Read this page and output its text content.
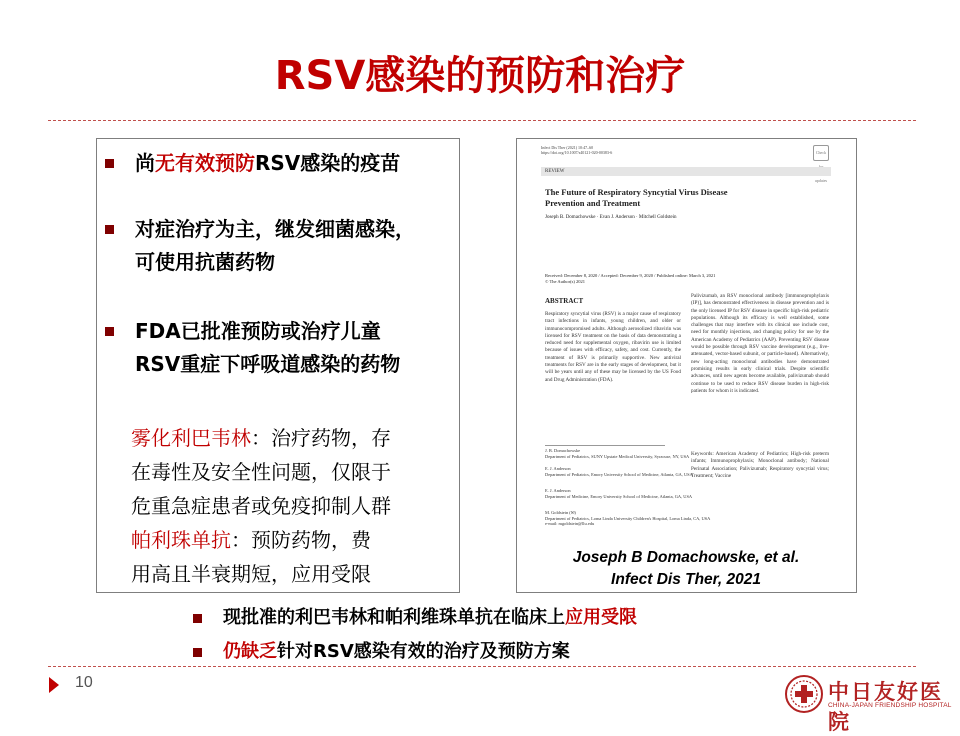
RSV感染的预防和治疗
尚无有效预防RSV感染的疫苗
对症治疗为主，继发细菌感染，
可使用抗菌药物
FDA已批准预防或治疗儿童
RSV重症下呼吸道感染的药物
雾化利巴韦林：治疗药物，存
在毒性及安全性问题，仅限于
危重急症患者或免疫抑制人群
帕利珠单抗：预防药物，费
用高且半衰期短，应用受限
Infect Dis Ther (2021) 10:47–60
https://doi.org/10.1007/s40121-020-00383-6	Check updates
REVIEW
The Future of Respiratory Syncytial Virus Disease
Prevention and Treatment
Joseph B. Domachowske · Evan J. Anderson · Mitchell Goldstein
Received: December 8, 2020 / Accepted: December 9, 2020 / Published online: March 3, 2021
© The Author(s) 2021
ABSTRACT
Respiratory syncytial virus (RSV) is a major cause of respiratory tract infections in infants, young children, and older or immunocompromised adults. Although aerosolized ribavirin was licensed for RSV treatment on the basis of data demonstrating a reduced need for supplemental oxygen, ribavirin use is limited because of issues with efficacy, safety, and cost. Currently, the treatment of RSV is primarily supportive. New antiviral treatments for RSV are in the early stages of development, but it will be years until any of these may be licensed by the US Food and Drug Administration (FDA).
Palivizumab, an RSV monoclonal antibody [immunoprophylaxis (IP)], has demonstrated effectiveness in disease prevention and is the only licensed IP for RSV disease in specific high-risk pediatric populations. Although its efficacy is well established, some challenges that may interfere with its clinical use include cost, need for monthly injections, and changing policy for use by the American Academy of Pediatrics (AAP). Preventing RSV disease would be possible through RSV vaccine development (e.g., live-attenuated, vector-based subunit, or particle-based). Alternatively, new long-acting monoclonal antibodies have demonstrated promising results in early clinical trials. Despite scientific advances, until new agents become available, palivizumab should continue to be used to reduce RSV disease burden in high-risk patients for whom it is indicated.
Keywords: American Academy of Pediatrics; High-risk preterm infants; Immunoprophylaxis; Monoclonal antibody; National Perinatal Association; Palivizumab; Respiratory syncytial virus; Treatment; Vaccine
J. B. Domachowske
Department of Pediatrics, SUNY Upstate Medical University, Syracuse, NY, USA
E. J. Anderson
Department of Pediatrics, Emory University School of Medicine, Atlanta, GA, USA
E. J. Anderson
Department of Medicine, Emory University School of Medicine, Atlanta, GA, USA
M. Goldstein (✉)
Department of Pediatrics, Loma Linda University Children's Hospital, Loma Linda, CA, USA
e-mail: mgoldstein@llu.edu
Joseph B Domachowske, et al.
Infect Dis Ther, 2021
现批准的利巴韦林和帕利维珠单抗在临床上应用受限
仍缺乏针对RSV感染有效的治疗及预防方案
10	中日友好医院
CHINA-JAPAN FRIENDSHIP HOSPITAL
